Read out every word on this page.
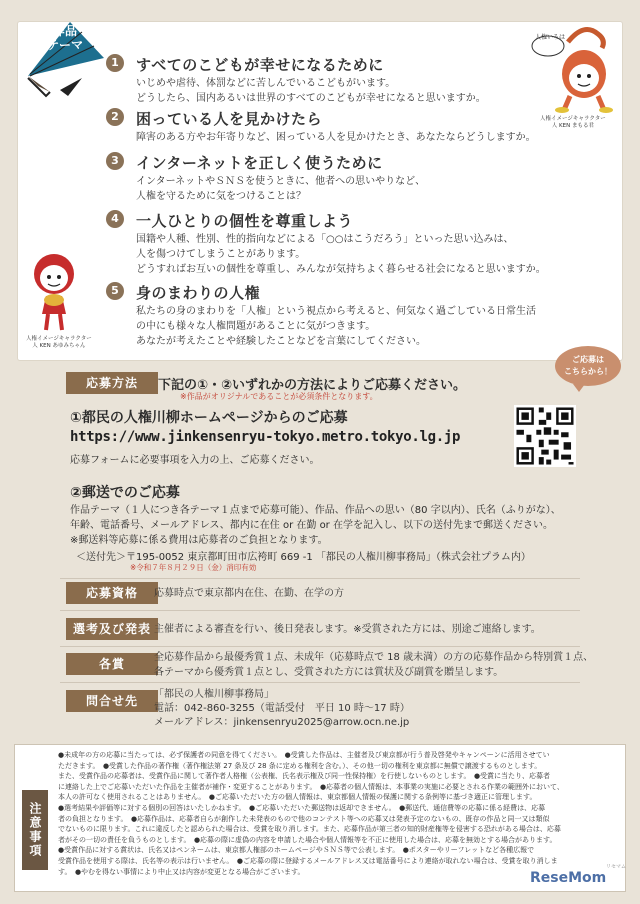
作品
テーマ
1	すべてのこどもが幸せになるために
いじめや虐待、体罰などに苦しんでいるこどもがいます。
どうしたら、国内あるいは世界のすべてのこどもが幸せになると思いますか。
2	困っている人を見かけたら
障害のある方やお年寄りなど、困っている人を見かけたとき、あなたならどうしますか。
3	インターネットを正しく使うために
インターネットやＳＮＳを使うときに、他者への思いやりなど、
人権を守るために気をつけることは？
4	一人ひとりの個性を尊重しよう
国籍や人種、性別、性的指向などによる「○○はこうだろう」といった思い込みは、
人を傷つけてしまうことがあります。
どうすればお互いの個性を尊重し、みんなが気持ちよく暮らせる社会になると思いますか。
5	身のまわりの人権
私たちの身のまわりを「人権」という視点から考えると、何気なく過ごしている日常生活
の中にも様々な人権問題があることに気がつきます。
あなたが考えたことや経験したことなどを言葉にしてください。
人権いろは
人権イメージキャラクター
人 KEN まもる君
人権イメージキャラクター
人 KEN あゆみちゃん
応募方法	下記の①・②いずれかの方法によりご応募ください。
※作品がオリジナルであることが必須条件となります。
ご応募は
こちらから！
①都民の人権川柳ホームページからのご応募
https://www.jinkensenryu-tokyo.metro.tokyo.lg.jp
応募フォームに必要事項を入力の上、ご応募ください。
②郵送でのご応募
作品テーマ（１人につき各テーマ１点まで応募可能）、作品、作品への思い（80 字以内）、氏名（ふりがな）、
年齢、電話番号、メールアドレス、都内に在住 or 在勤 or 在学を記入し、以下の送付先まで郵送ください。
※郵送料等応募に係る費用は応募者のご負担となります。
＜送付先＞〒195-0052 東京都町田市広袴町 669 -1 「都民の人権川柳事務局」（株式会社プラム内）
※令和７年８月２９日（金）消印有効
応募資格	応募時点で東京都内在住、在勤、在学の方
選考及び発表 主催者による審査を行い、後日発表します。※受賞された方には、別途ご連絡します。
各賞	全応募作品から最優秀賞１点、未成年（応募時点で 18 歳未満）の方の応募作品から特別賞１点、
各テーマから優秀賞１点とし、受賞された方には賞状及び副賞を贈呈します。
問合せ先	「都民の人権川柳事務局」
電話：042-860-3255（電話受付　平日 10 時～17 時）
メールアドレス：jinkensenryu2025@arrow.ocn.ne.jp
注意事項
●未成年の方の応募に当たっては、必ず保護者の同意を得てください。　●受賞した作品は、主催者及び東京都が行う普及啓発やキャンペーンに活用させてい
ただきます。　●受賞した作品の著作権（著作権法第 27 条及び 28 条に定める権利を含む。）、その他一切の権利を東京都に無償で譲渡するものとします。
また、受賞作品の応募者は、受賞作品に関して著作者人格権（公表権、氏名表示権及び同一性保持権）を行使しないものとします。　●受賞に当たり、応募者
に連絡した上でご応募いただいた作品を主催者が補作・変更することがあります。　●応募者の個人情報は、本事業の実施に必要とされる作業の範囲外において、
本人の許可なく使用されることはありません。　●ご応募いただいた方の個人情報は、東京都個人情報の保護に関する条例等に基づき適正に管理します。
●選考結果や評価等に対する個別の回答はいたしかねます。　●ご応募いただいた郵送物は返却できません。　●郵送代、通信費等の応募に係る経費は、応募
者の負担となります。　●応募作品は、応募者自らが創作した未発表のもので他のコンテスト等への応募又は発表予定のないもの、既存の作品と同一又は類似
でないものに限ります。これに違反したと認められた場合は、受賞を取り消します。また、応募作品が第三者の知的財産権等を侵害する恐れがある場合は、応募
者がその一切の責任を負うものとします。　●応募の際に虚偽の内容を申請した場合や個人情報等を不正に使用した場合は、応募を無効とする場合があります。
●受賞作品に対する賞状は、氏名又はペンネームは、東京都人権部のホームページやＳＮＳ等で公表します。　●ポスターやリーフレットなど各種広報で
受賞作品を使用する際は、氏名等の表示は行いません。　●ご応募の際に登録するメールアドレス又は電話番号により連絡が取れない場合は、受賞を取り消しま
す。　●やむを得ない事情により中止又は内容が変更となる場合がございます。	ReseMom
リセマム
